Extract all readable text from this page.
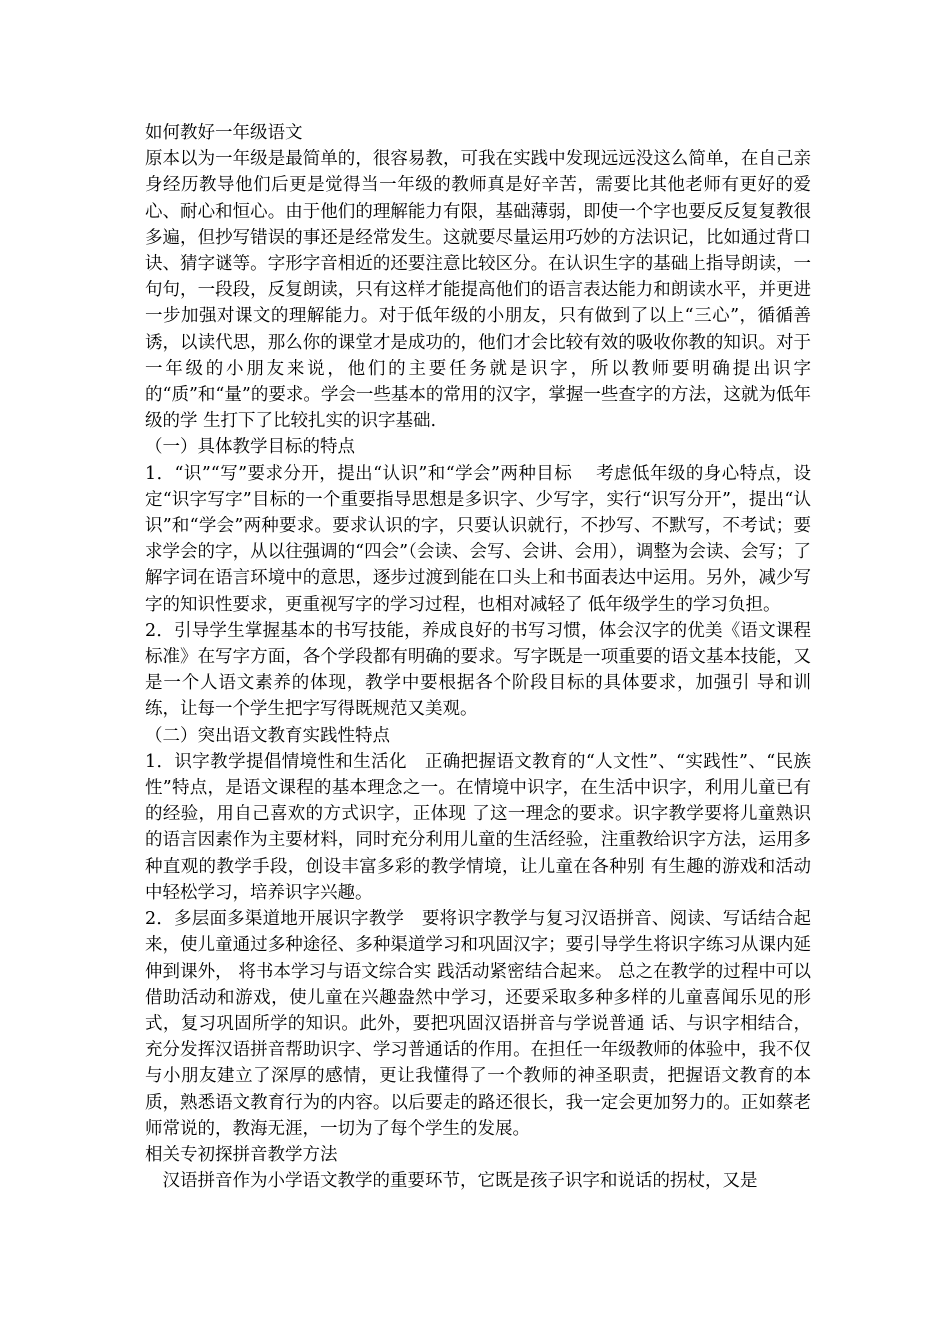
如何教好一年级语文

原本以为一年级是最简单的，很容易教，可我在实践中发现远远没这么简单，在自己亲身经历教导他们后更是觉得当一年级的教师真是好辛苦，需要比其他老师有更好的爱心、耐心和恒心。由于他们的理解能力有限，基础薄弱，即使一个字也要反反复复教很多遍，但抄写错误的事还是经常发生。这就要尽量运用巧妙的方法识记，比如通过背口诀、猜字谜等。字形字音相近的还要注意比较区分。在认识生字的基础上指导朗读，一句句，一段段，反复朗读，只有这样才能提高他们的语言表达能力和朗读水平，并更进一步加强对课文的理解能力。对于低年级的小朋友，只有做到了以上“三心”，循循善诱，以读代思，那么你的课堂才是成功的，他们才会比较有效的吸收你教的知识。对于一年级的小朋友来说，他们的主要任务就是识字，所以教师要明确提出识字的“质”和“量”的要求。学会一些基本的常用的汉字，掌握一些查字的方法，这就为低年级的学 生打下了比较扎实的识字基础.

（一）具体教学目标的特点

1．“识”“写”要求分开，提出“认识”和“学会”两种目标　 考虑低年级的身心特点，设定“识字写字”目标的一个重要指导思想是多识字、少写字，实行“识写分开”，提出“认识”和“学会”两种要求。要求认识的字，只要认识就行，不抄写、不默写，不考试；要求学会的字，从以往强调的“四会”（会读、会写、会讲、会用），调整为会读、会写；了解字词在语言环境中的意思，逐步过渡到能在口头上和书面表达中运用。另外，减少写字的知识性要求，更重视写字的学习过程，也相对减轻了 低年级学生的学习负担。

2．引导学生掌握基本的书写技能，养成良好的书写习惯，体会汉字的优美《语文课程标准》在写字方面，各个学段都有明确的要求。写字既是一项重要的语文基本技能，又是一个人语文素养的体现，教学中要根据各个阶段目标的具体要求，加强引 导和训练，让每一个学生把字写得既规范又美观。

（二）突出语文教育实践性特点

1．识字教学提倡情境性和生活化　正确把握语文教育的“人文性”、“实践性”、“民族性”特点，是语文课程的基本理念之一。在情境中识字，在生活中识字，利用儿童已有的经验，用自己喜欢的方式识字，正体现 了这一理念的要求。识字教学要将儿童熟识的语言因素作为主要材料，同时充分利用儿童的生活经验，注重教给识字方法，运用多种直观的教学手段，创设丰富多彩的教学情境，让儿童在各种别 有生趣的游戏和活动中轻松学习，培养识字兴趣。

2．多层面多渠道地开展识字教学　要将识字教学与复习汉语拼音、阅读、写话结合起来，使儿童通过多种途径、多种渠道学习和巩固汉字；要引导学生将识字练习从课内延伸到课外， 将书本学习与语文综合实 践活动紧密结合起来。 总之在教学的过程中可以借助活动和游戏，使儿童在兴趣盎然中学习，还要采取多种多样的儿童喜闻乐见的形式，复习巩固所学的知识。此外，要把巩固汉语拼音与学说普通 话、与识字相结合，充分发挥汉语拼音帮助识字、学习普通话的作用。在担任一年级教师的体验中，我不仅与小朋友建立了深厚的感情，更让我懂得了一个教师的神圣职责，把握语文教育的本质，熟悉语文教育行为的内容。以后要走的路还很长，我一定会更加努力的。正如蔡老师常说的，教海无涯，一切为了每个学生的发展。

相关专初探拼音教学方法

　汉语拼音作为小学语文教学的重要环节，它既是孩子识字和说话的拐杖，又是
